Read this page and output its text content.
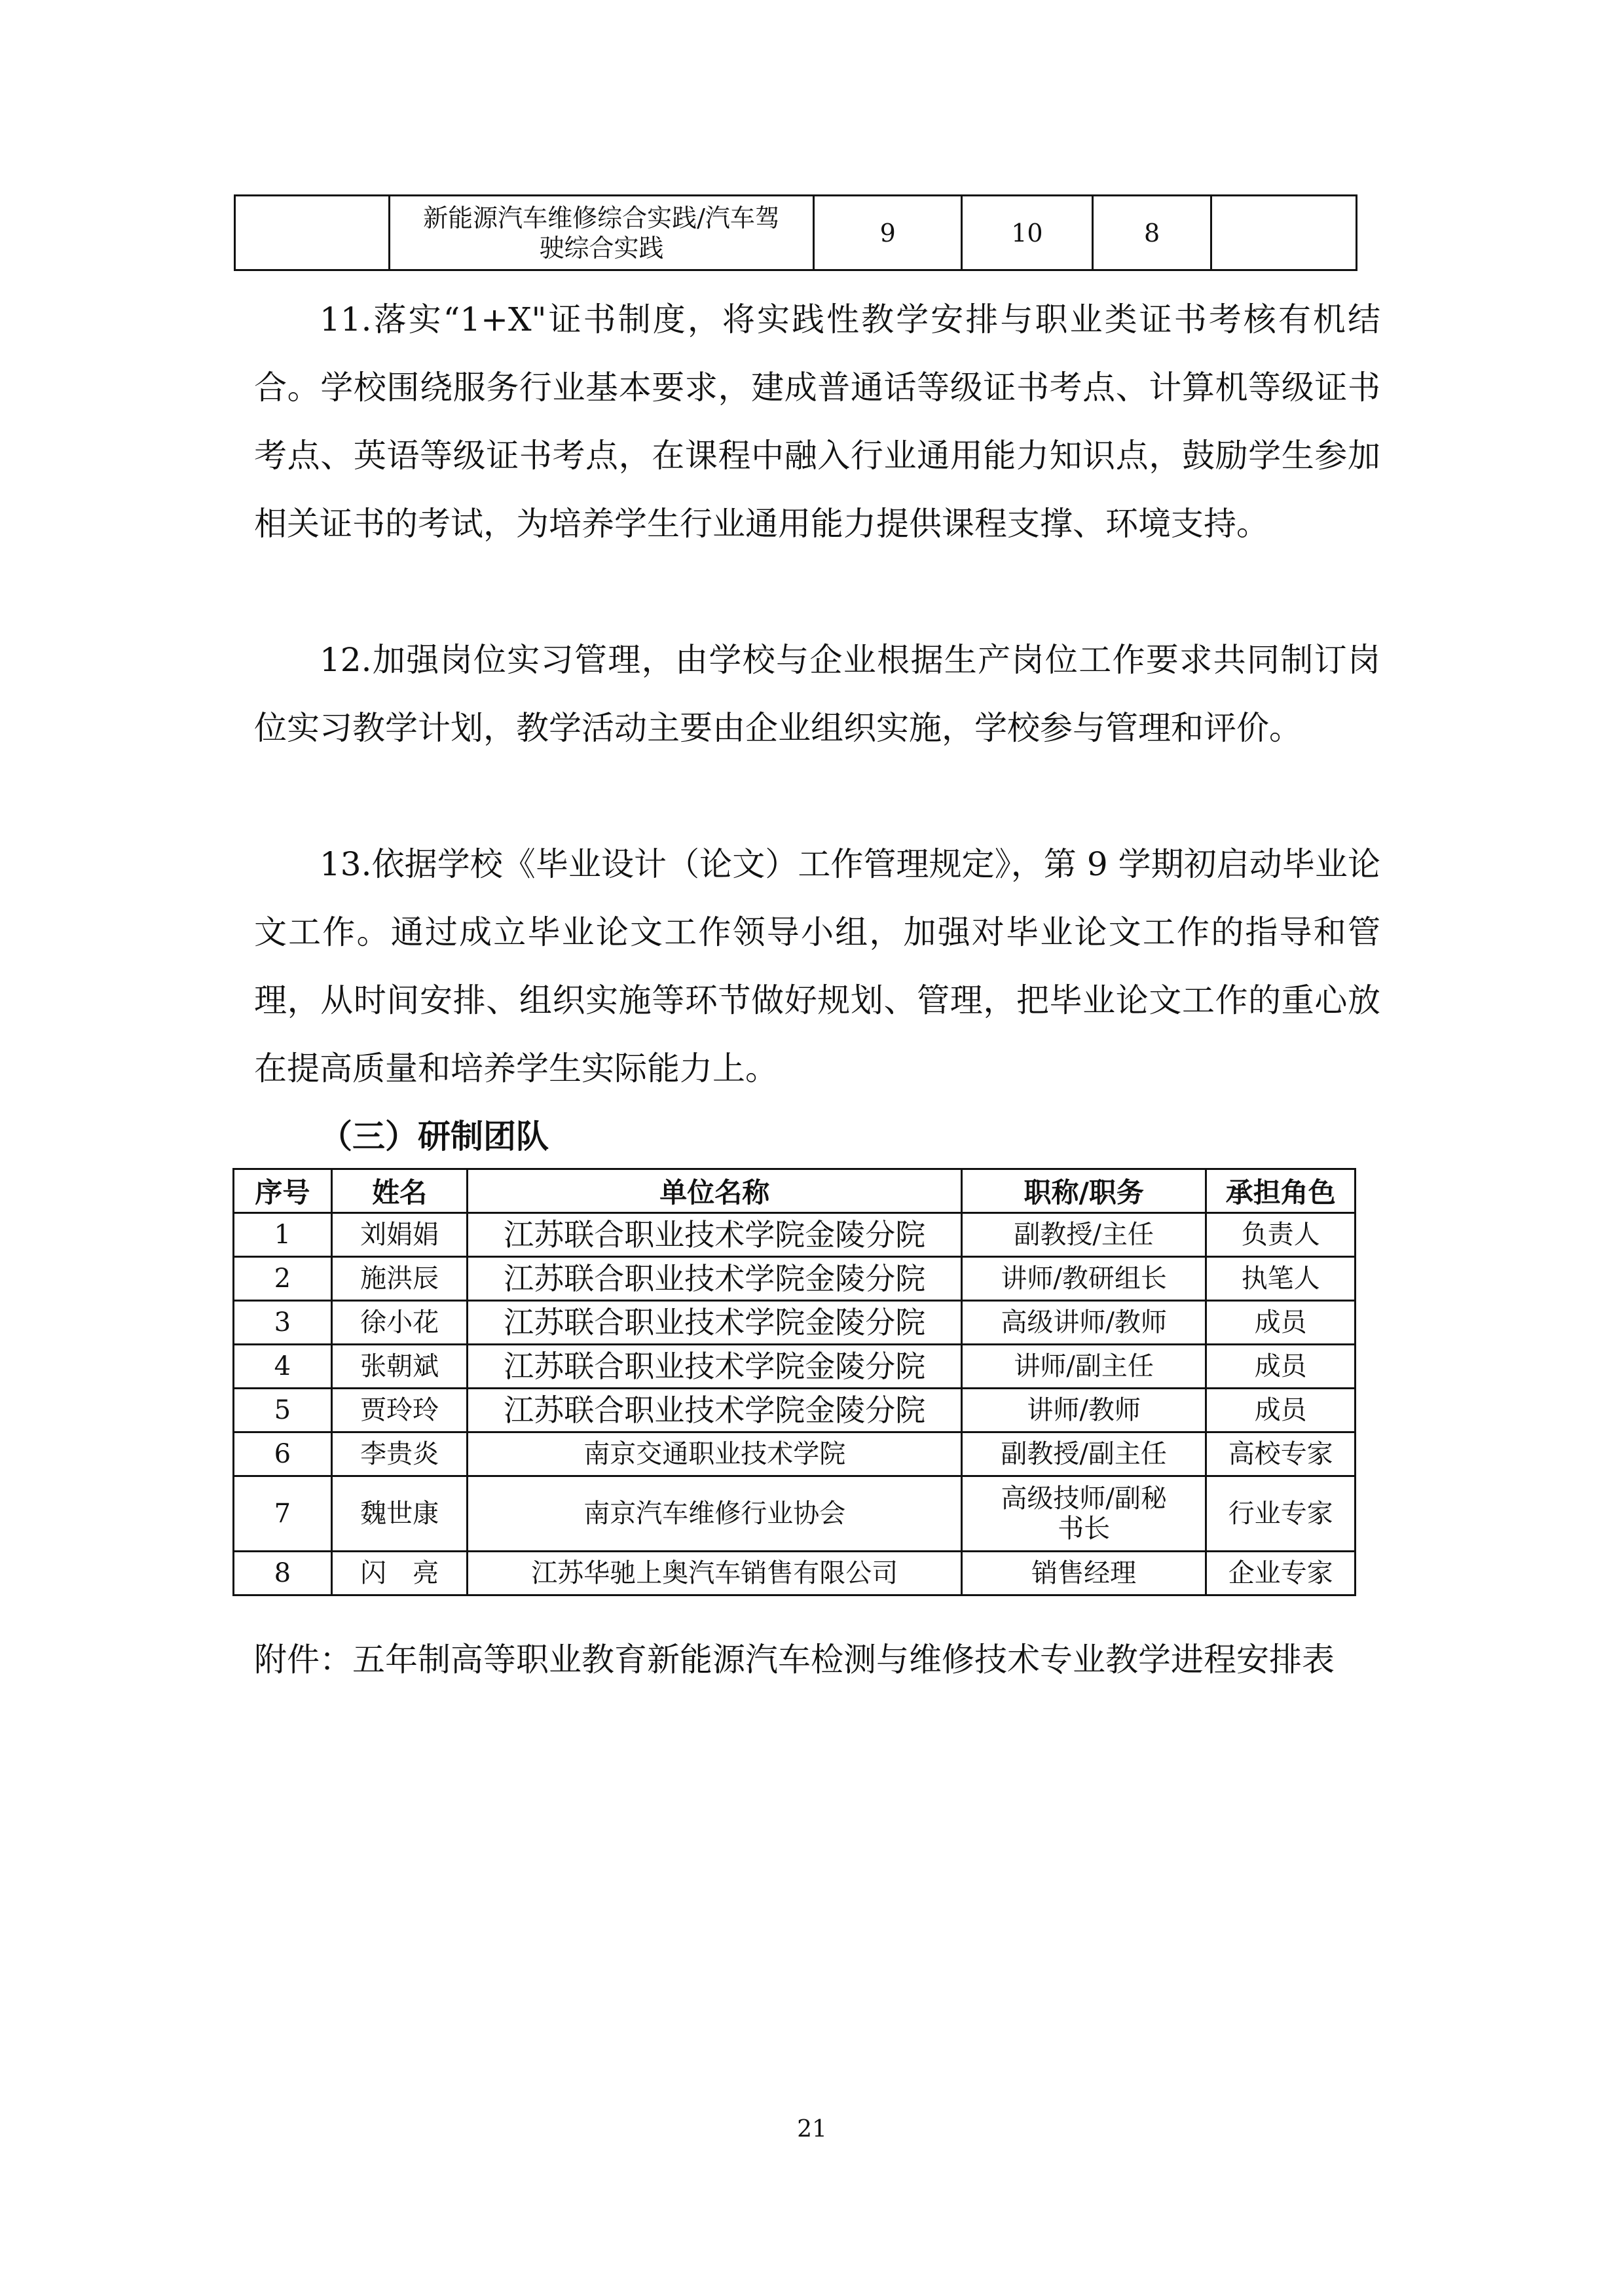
	新能源汽车维修综合实践/汽车驾驶综合实践	9	10	8	
11.落实“1+X"证书制度，将实践性教学安排与职业类证书考核有机结合。学校围绕服务行业基本要求，建成普通话等级证书考点、计算机等级证书考点、英语等级证书考点，在课程中融入行业通用能力知识点，鼓励学生参加相关证书的考试，为培养学生行业通用能力提供课程支撑、环境支持。
12.加强岗位实习管理，由学校与企业根据生产岗位工作要求共同制订岗位实习教学计划，教学活动主要由企业组织实施，学校参与管理和评价。
13.依据学校《毕业设计（论文）工作管理规定》，第 9 学期初启动毕业论文工作。通过成立毕业论文工作领导小组，加强对毕业论文工作的指导和管理，从时间安排、组织实施等环节做好规划、管理，把毕业论文工作的重心放在提高质量和培养学生实际能力上。
（三）研制团队
序号	姓名	单位名称	职称/职务	承担角色
1	刘娟娟	江苏联合职业技术学院金陵分院	副教授/主任	负责人
2	施洪辰	江苏联合职业技术学院金陵分院	讲师/教研组长	执笔人
3	徐小花	江苏联合职业技术学院金陵分院	高级讲师/教师	成员
4	张朝斌	江苏联合职业技术学院金陵分院	讲师/副主任	成员
5	贾玲玲	江苏联合职业技术学院金陵分院	讲师/教师	成员
6	李贵炎	南京交通职业技术学院	副教授/副主任	高校专家
7	魏世康	南京汽车维修行业协会	高级技师/副秘书长	行业专家
8	闪　亮	江苏华驰上奥汽车销售有限公司	销售经理	企业专家
附件：五年制高等职业教育新能源汽车检测与维修技术专业教学进程安排表
21
